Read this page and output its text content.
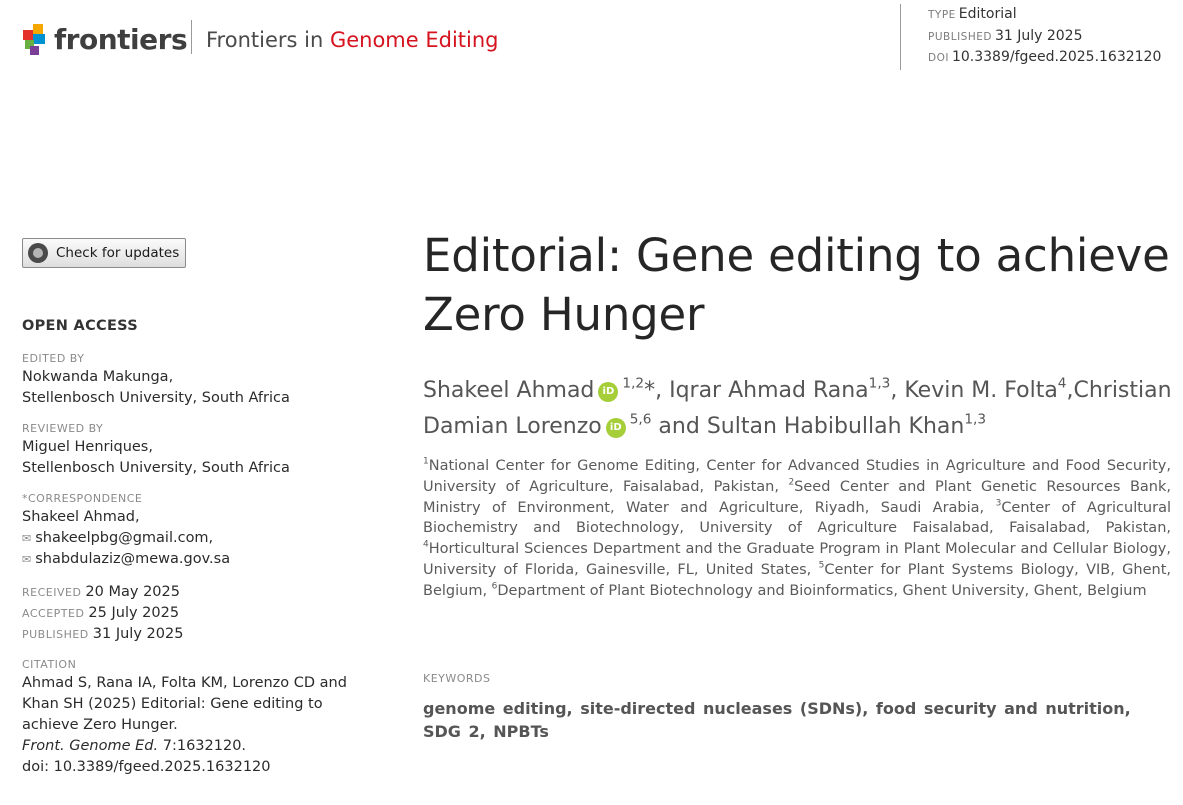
frontiers Frontiers in Genome Editing
TYPE Editorial
PUBLISHED 31 July 2025
DOI 10.3389/fgeed.2025.1632120
Check for updates
OPEN ACCESS
EDITED BY
Nokwanda Makunga,
Stellenbosch University, South Africa
REVIEWED BY
Miguel Henriques,
Stellenbosch University, South Africa
*CORRESPONDENCE
Shakeel Ahmad,
✉ shakeelpbg@gmail.com,
✉ shabdulaziz@mewa.gov.sa
RECEIVED 20 May 2025
ACCEPTED 25 July 2025
PUBLISHED 31 July 2025
CITATION
Ahmad S, Rana IA, Folta KM, Lorenzo CD and Khan SH (2025) Editorial: Gene editing to achieve Zero Hunger.
Front. Genome Ed. 7:1632120.
doi: 10.3389/fgeed.2025.1632120
Editorial: Gene editing to achieve Zero Hunger
Shakeel Ahmad iD$^{1,2}$*, Iqrar Ahmad Rana$^{1,3}$, Kevin M. Folta$^4$,Christian Damian Lorenzo iD$^{5,6}$ and Sultan Habibullah Khan$^{1,3}$
$^1$National Center for Genome Editing, Center for Advanced Studies in Agriculture and Food Security, University of Agriculture, Faisalabad, Pakistan, $^2$Seed Center and Plant Genetic Resources Bank, Ministry of Environment, Water and Agriculture, Riyadh, Saudi Arabia, $^3$Center of Agricultural Biochemistry and Biotechnology, University of Agriculture Faisalabad, Faisalabad, Pakistan, $^4$Horticultural Sciences Department and the Graduate Program in Plant Molecular and Cellular Biology, University of Florida, Gainesville, FL, United States, $^5$Center for Plant Systems Biology, VIB, Ghent, Belgium, $^6$Department of Plant Biotechnology and Bioinformatics, Ghent University, Ghent, Belgium
KEYWORDS
genome editing, site-directed nucleases (SDNs), food security and nutrition, SDG 2, NPBTs
